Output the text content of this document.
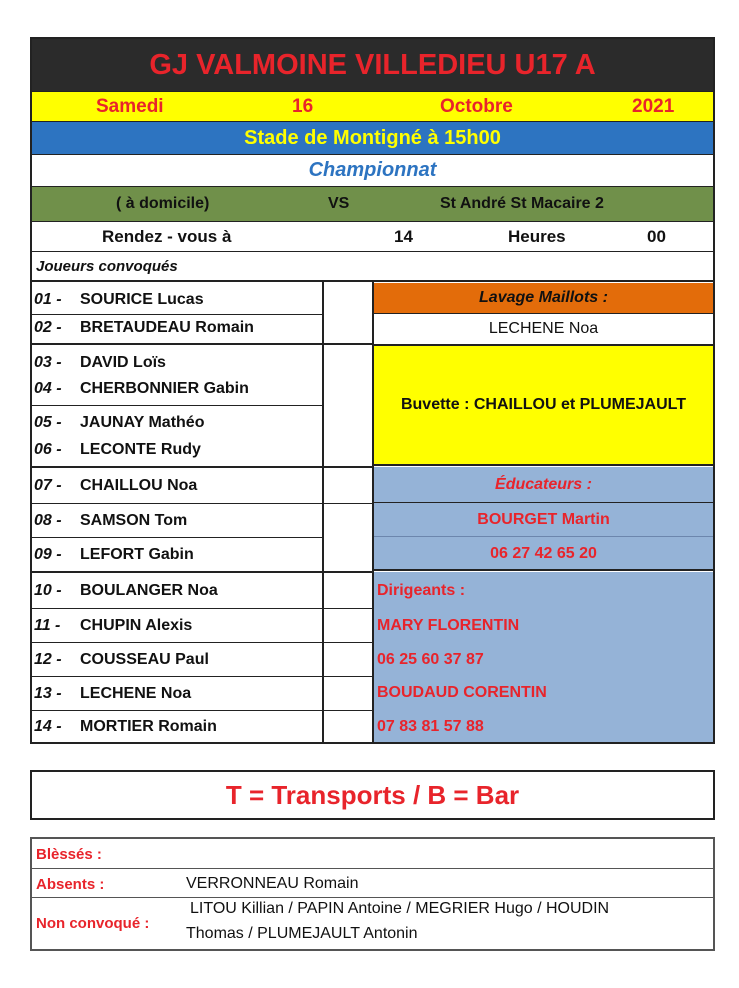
GJ VALMOINE VILLEDIEU U17 A
Samedi	16	Octobre	2021
Stade de Montigné à 15h00
Championnat
( à domicile)	VS	St André St Macaire 2
Rendez - vous à	14	Heures	00
Joueurs convoqués
01 -	SOURICE Lucas
02 -	BRETAUDEAU Romain
03 -	DAVID Loïs
04 -	CHERBONNIER Gabin
05 -	JAUNAY Mathéo
06 -	LECONTE Rudy
07 -	CHAILLOU Noa
08 -	SAMSON Tom
09 -	LEFORT Gabin
10 -	BOULANGER Noa
11 -	CHUPIN Alexis
12 -	COUSSEAU Paul
13 -	LECHENE Noa
14 -	MORTIER Romain
Lavage Maillots :
LECHENE Noa
Buvette : CHAILLOU et PLUMEJAULT
Éducateurs :
BOURGET Martin
06 27 42 65 20
Dirigeants :
MARY FLORENTIN
06 25 60 37 87
BOUDAUD CORENTIN
07 83 81 57 88
T = Transports / B = Bar
Blèssés :
Absents :	VERRONNEAU Romain
Non convoqué :
LITOU Killian / PAPIN Antoine / MEGRIER Hugo / HOUDIN
Thomas / PLUMEJAULT Antonin
